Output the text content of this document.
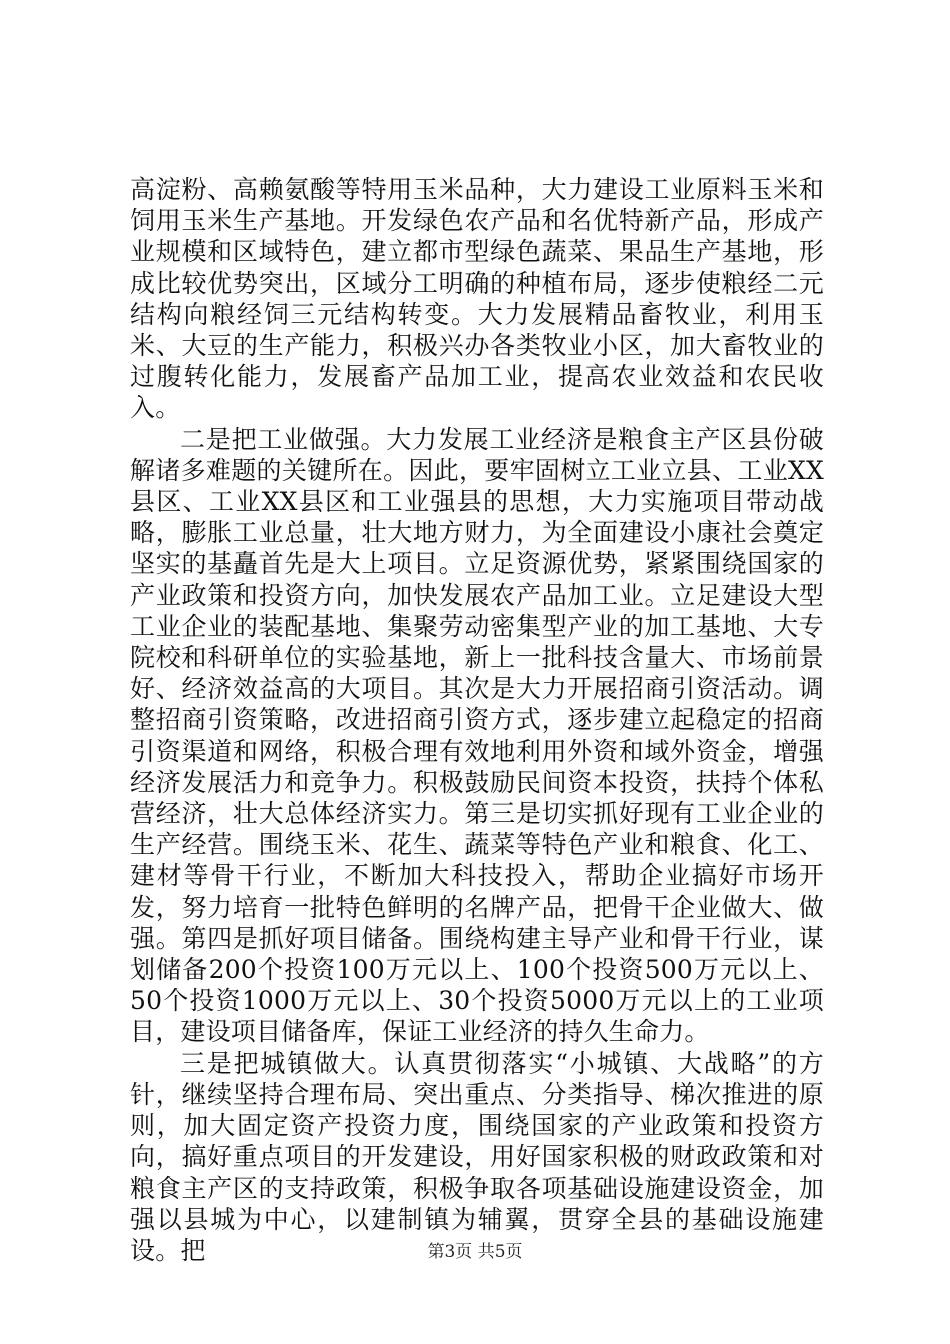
高淀粉、高赖氨酸等特用玉米品种，大力建设工业原料玉米和饲用玉米生产基地。开发绿色农产品和名优特新产品，形成产业规模和区域特色，建立都市型绿色蔬菜、果品生产基地，形成比较优势突出，区域分工明确的种植布局，逐步使粮经二元结构向粮经饲三元结构转变。大力发展精品畜牧业，利用玉米、大豆的生产能力，积极兴办各类牧业小区，加大畜牧业的过腹转化能力，发展畜产品加工业，提高农业效益和农民收入。

二是把工业做强。大力发展工业经济是粮食主产区县份破解诸多难题的关键所在。因此，要牢固树立工业立县、工业XX县区、工业XX县区和工业强县的思想，大力实施项目带动战略，膨胀工业总量，壮大地方财力，为全面建设小康社会奠定坚实的基矗首先是大上项目。立足资源优势，紧紧围绕国家的产业政策和投资方向，加快发展农产品加工业。立足建设大型工业企业的装配基地、集聚劳动密集型产业的加工基地、大专院校和科研单位的实验基地，新上一批科技含量大、市场前景好、经济效益高的大项目。其次是大力开展招商引资活动。调整招商引资策略，改进招商引资方式，逐步建立起稳定的招商引资渠道和网络，积极合理有效地利用外资和域外资金，增强经济发展活力和竞争力。积极鼓励民间资本投资，扶持个体私营经济，壮大总体经济实力。第三是切实抓好现有工业企业的生产经营。围绕玉米、花生、蔬菜等特色产业和粮食、化工、建材等骨干行业，不断加大科技投入，帮助企业搞好市场开发，努力培育一批特色鲜明的名牌产品，把骨干企业做大、做强。第四是抓好项目储备。围绕构建主导产业和骨干行业，谋划储备200个投资100万元以上、100个投资500万元以上、50个投资1000万元以上、30个投资5000万元以上的工业项目，建设项目储备库，保证工业经济的持久生命力。

三是把城镇做大。认真贯彻落实“小城镇、大战略”的方针，继续坚持合理布局、突出重点、分类指导、梯次推进的原则，加大固定资产投资力度，围绕国家的产业政策和投资方向，搞好重点项目的开发建设，用好国家积极的财政政策和对粮食主产区的支持政策，积极争取各项基础设施建设资金，加强以县城为中心，以建制镇为辅翼，贯穿全县的基础设施建设。把	第3页 共5页
